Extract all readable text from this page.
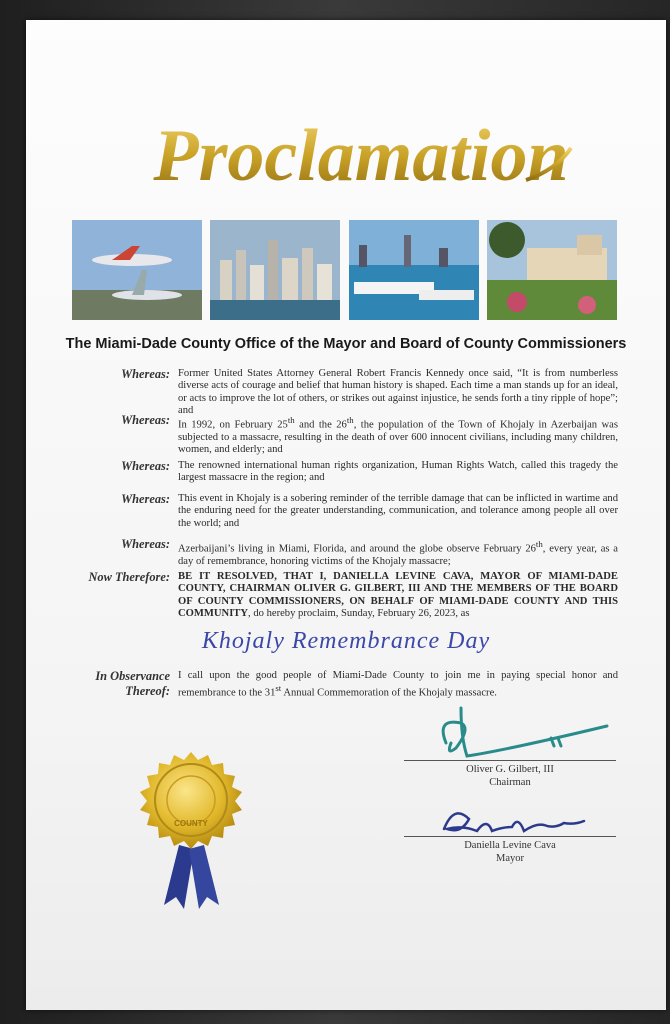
Proclamation
The Miami-Dade County Office of the Mayor and Board of County Commissioners
Whereas: Former United States Attorney General Robert Francis Kennedy once said, “It is from numberless diverse acts of courage and belief that human history is shaped. Each time a man stands up for an ideal, or acts to improve the lot of others, or strikes out against injustice, he sends forth a tiny ripple of hope”; and
Whereas: In 1992, on February 25th and the 26th, the population of the Town of Khojaly in Azerbaijan was subjected to a massacre, resulting in the death of over 600 innocent civilians, including many children, women, and elderly; and
Whereas: The renowned international human rights organization, Human Rights Watch, called this tragedy the largest massacre in the region; and
Whereas: This event in Khojaly is a sobering reminder of the terrible damage that can be inflicted in wartime and the enduring need for the greater understanding, communication, and tolerance among people all over the world; and
Whereas: Azerbaijani’s living in Miami, Florida, and around the globe observe February 26th, every year, as a day of remembrance, honoring victims of the Khojaly massacre;
Now Therefore: BE IT RESOLVED, THAT I, DANIELLA LEVINE CAVA, MAYOR OF MIAMI-DADE COUNTY, CHAIRMAN OLIVER G. GILBERT, III AND THE MEMBERS OF THE BOARD OF COUNTY COMMISSIONERS, ON BEHALF OF MIAMI-DADE COUNTY AND THIS COMMUNITY, do hereby proclaim, Sunday, February 26, 2023, as
Khojaly Remembrance Day
In Observance
Thereof:
I call upon the good people of Miami-Dade County to join me in paying special honor and remembrance to the 31st Annual Commemoration of the Khojaly massacre.
Oliver G. Gilbert, III
Chairman
Daniella Levine Cava
Mayor
COUNTY
